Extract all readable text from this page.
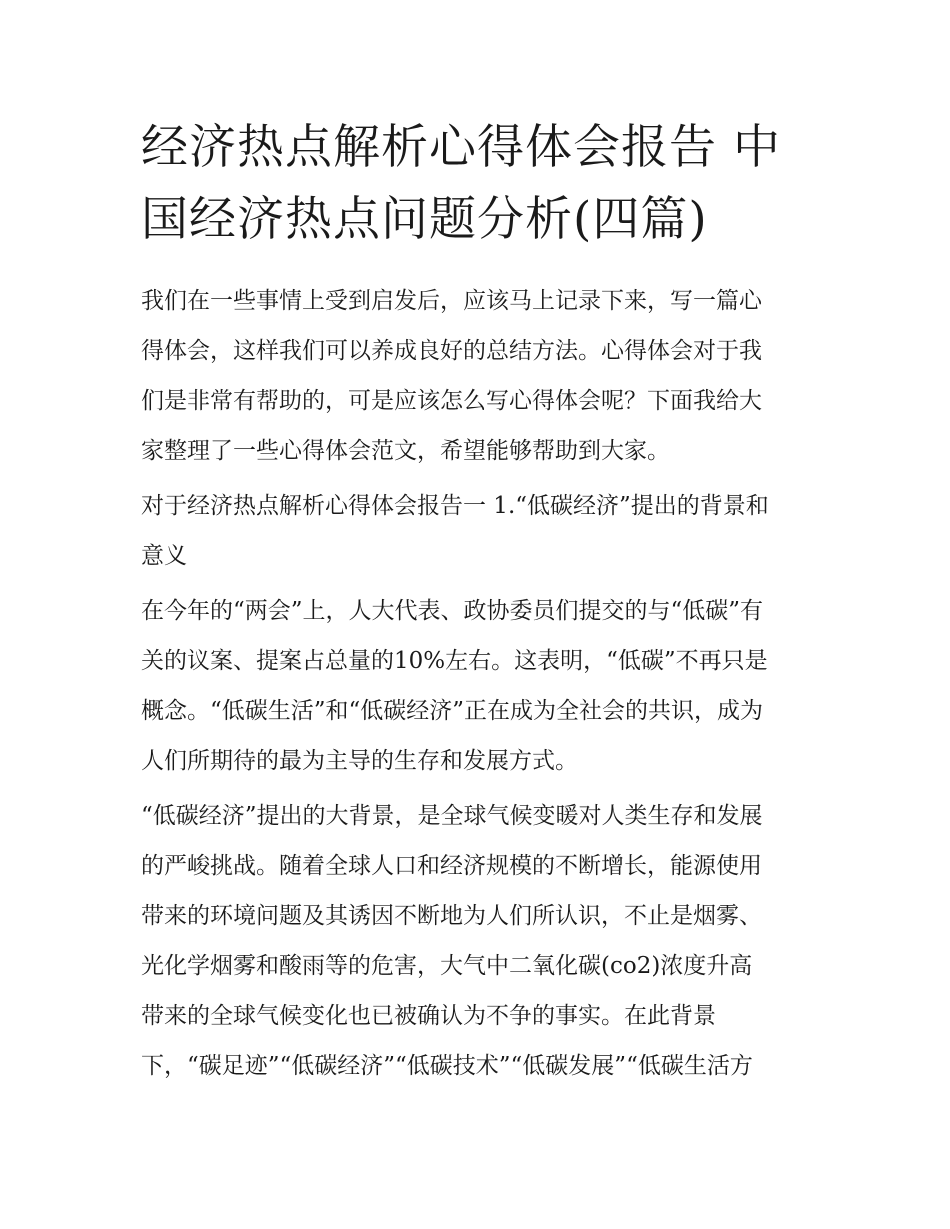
经济热点解析心得体会报告 中
国经济热点问题分析(四篇)

我们在一些事情上受到启发后，应该马上记录下来，写一篇心
得体会，这样我们可以养成良好的总结方法。心得体会对于我
们是非常有帮助的，可是应该怎么写心得体会呢？下面我给大
家整理了一些心得体会范文，希望能够帮助到大家。

对于经济热点解析心得体会报告一 1.“低碳经济”提出的背景和
意义

在今年的“两会”上，人大代表、政协委员们提交的与“低碳”有
关的议案、提案占总量的10%左右。这表明，“低碳”不再只是
概念。“低碳生活”和“低碳经济”正在成为全社会的共识，成为
人们所期待的最为主导的生存和发展方式。

“低碳经济”提出的大背景，是全球气候变暖对人类生存和发展
的严峻挑战。随着全球人口和经济规模的不断增长，能源使用
带来的环境问题及其诱因不断地为人们所认识，不止是烟雾、
光化学烟雾和酸雨等的危害，大气中二氧化碳(co2)浓度升高
带来的全球气候变化也已被确认为不争的事实。在此背景
下，“碳足迹”“低碳经济”“低碳技术”“低碳发展”“低碳生活方
